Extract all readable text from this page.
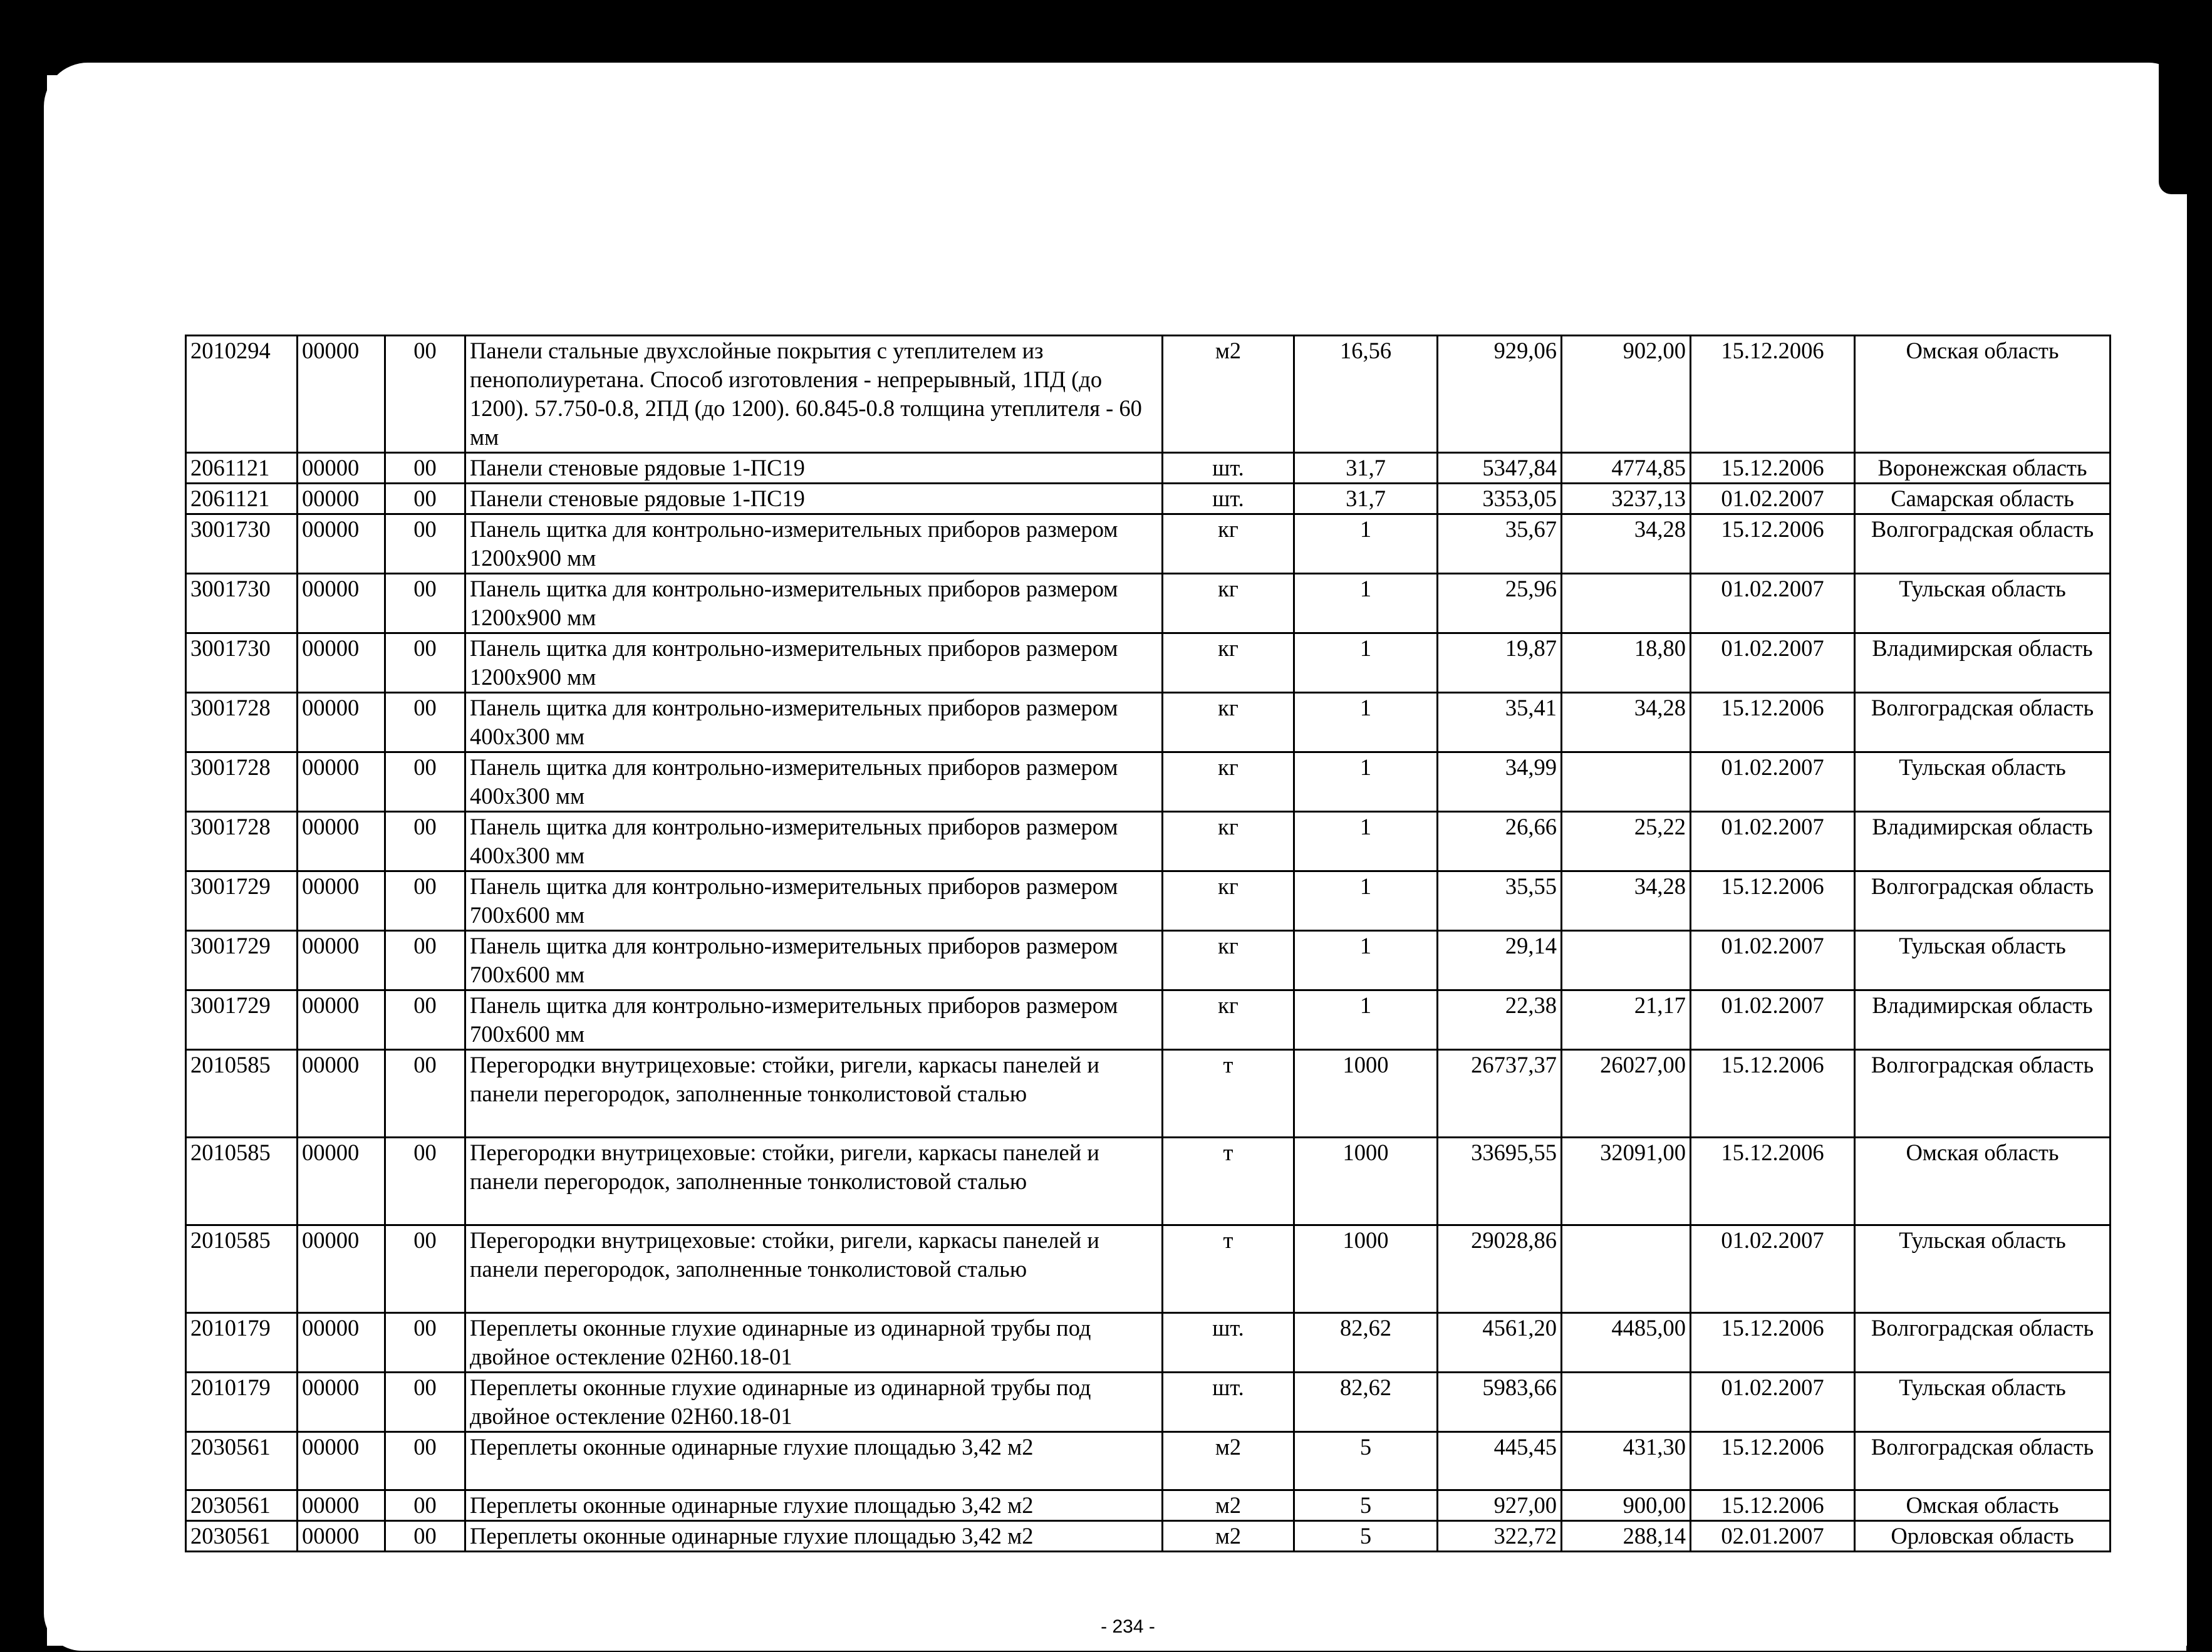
2010294	00000	00	Панели стальные двухслойные покрытия с утеплителем из пенополиуретана. Способ изготовления - непрерывный, 1ПД (до 1200). 57.750-0.8, 2ПД (до 1200). 60.845-0.8 толщина утеплителя - 60 мм	м2	16,56	929,06	902,00	15.12.2006	Омская область
2061121	00000	00	Панели стеновые рядовые 1-ПС19	шт.	31,7	5347,84	4774,85	15.12.2006	Воронежская область
2061121	00000	00	Панели стеновые рядовые 1-ПС19	шт.	31,7	3353,05	3237,13	01.02.2007	Самарская область
3001730	00000	00	Панель щитка для контрольно-измерительных приборов размером 1200х900 мм	кг	1	35,67	34,28	15.12.2006	Волгоградская область
3001730	00000	00	Панель щитка для контрольно-измерительных приборов размером 1200х900 мм	кг	1	25,96		01.02.2007	Тульская область
3001730	00000	00	Панель щитка для контрольно-измерительных приборов размером 1200х900 мм	кг	1	19,87	18,80	01.02.2007	Владимирская область
3001728	00000	00	Панель щитка для контрольно-измерительных приборов размером 400х300 мм	кг	1	35,41	34,28	15.12.2006	Волгоградская область
3001728	00000	00	Панель щитка для контрольно-измерительных приборов размером 400х300 мм	кг	1	34,99		01.02.2007	Тульская область
3001728	00000	00	Панель щитка для контрольно-измерительных приборов размером 400х300 мм	кг	1	26,66	25,22	01.02.2007	Владимирская область
3001729	00000	00	Панель щитка для контрольно-измерительных приборов размером 700х600 мм	кг	1	35,55	34,28	15.12.2006	Волгоградская область
3001729	00000	00	Панель щитка для контрольно-измерительных приборов размером 700х600 мм	кг	1	29,14		01.02.2007	Тульская область
3001729	00000	00	Панель щитка для контрольно-измерительных приборов размером 700х600 мм	кг	1	22,38	21,17	01.02.2007	Владимирская область
2010585	00000	00	Перегородки внутрицеховые: стойки, ригели, каркасы панелей и панели перегородок, заполненные тонколистовой сталью	т	1000	26737,37	26027,00	15.12.2006	Волгоградская область
2010585	00000	00	Перегородки внутрицеховые: стойки, ригели, каркасы панелей и панели перегородок, заполненные тонколистовой сталью	т	1000	33695,55	32091,00	15.12.2006	Омская область
2010585	00000	00	Перегородки внутрицеховые: стойки, ригели, каркасы панелей и панели перегородок, заполненные тонколистовой сталью	т	1000	29028,86		01.02.2007	Тульская область
2010179	00000	00	Переплеты оконные глухие одинарные из одинарной трубы под двойное остекление 02Н60.18-01	шт.	82,62	4561,20	4485,00	15.12.2006	Волгоградская область
2010179	00000	00	Переплеты оконные глухие одинарные из одинарной трубы под двойное остекление 02Н60.18-01	шт.	82,62	5983,66		01.02.2007	Тульская область
2030561	00000	00	Переплеты оконные одинарные глухие площадью 3,42 м2	м2	5	445,45	431,30	15.12.2006	Волгоградская область
2030561	00000	00	Переплеты оконные одинарные глухие площадью 3,42 м2	м2	5	927,00	900,00	15.12.2006	Омская область
2030561	00000	00	Переплеты оконные одинарные глухие площадью 3,42 м2	м2	5	322,72	288,14	02.01.2007	Орловская область
- 234 -
